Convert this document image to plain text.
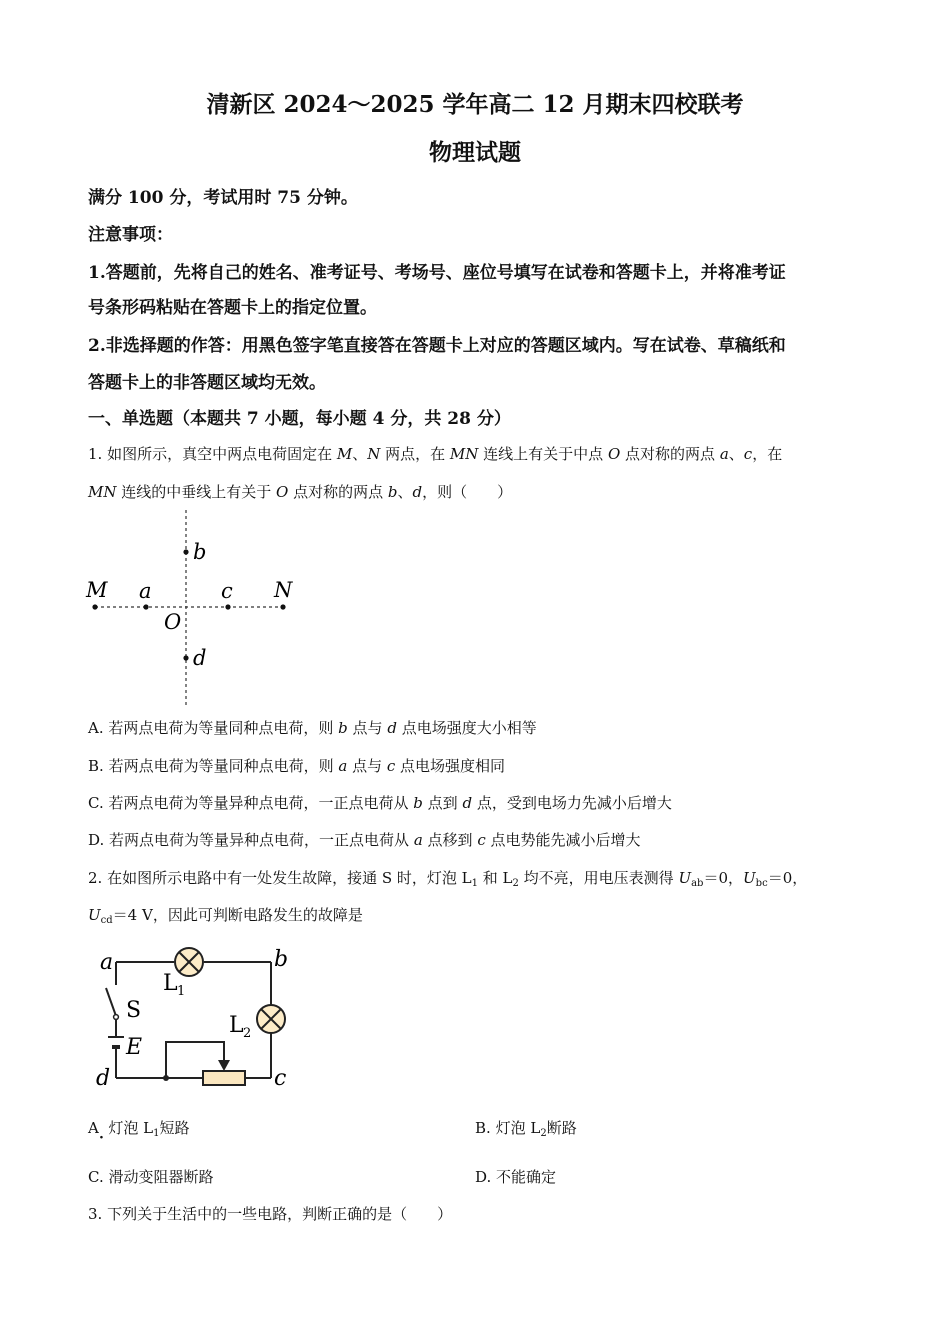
清新区 2024～2025 学年高二 12 月期末四校联考
物理试题
满分 100 分，考试用时 75 分钟。
注意事项：
1.答题前，先将自己的姓名、准考证号、考场号、座位号填写在试卷和答题卡上，并将准考证
号条形码粘贴在答题卡上的指定位置。
2.非选择题的作答：用黑色签字笔直接答在答题卡上对应的答题区域内。写在试卷、草稿纸和
答题卡上的非答题区域均无效。
一、单选题（本题共 7 小题，每小题 4 分，共 28 分）
1. 如图所示，真空中两点电荷固定在 M、N 两点，在 MN 连线上有关于中点 O 点对称的两点 a、c，在
MN 连线的中垂线上有关于 O 点对称的两点 b、d，则（　　）
M a	c N
O
b
d
A. 若两点电荷为等量同种点电荷，则 b 点与 d 点电场强度大小相等
B. 若两点电荷为等量同种点电荷，则 a 点与 c 点电场强度相同
C. 若两点电荷为等量异种点电荷，一正点电荷从 b 点到 d 点，受到电场力先减小后增大
D. 若两点电荷为等量异种点电荷，一正点电荷从 a 点移到 c 点电势能先减小后增大
2. 在如图所示电路中有一处发生故障，接通 S 时，灯泡 $L_1$ 和 $L_2$ 均不亮，用电压表测得 $U_{ab}=0$，$U_{bc}=0$，
$U_{cd}=4$ V，因此可判断电路发生的故障是
a	b
c
d
S
E
L 1
L 2
A 灯泡 $L_1$短路
·
B. 灯泡 $L_2$断路
C. 滑动变阻器断路	D. 不能确定
3. 下列关于生活中的一些电路，判断正确的是（　　）
